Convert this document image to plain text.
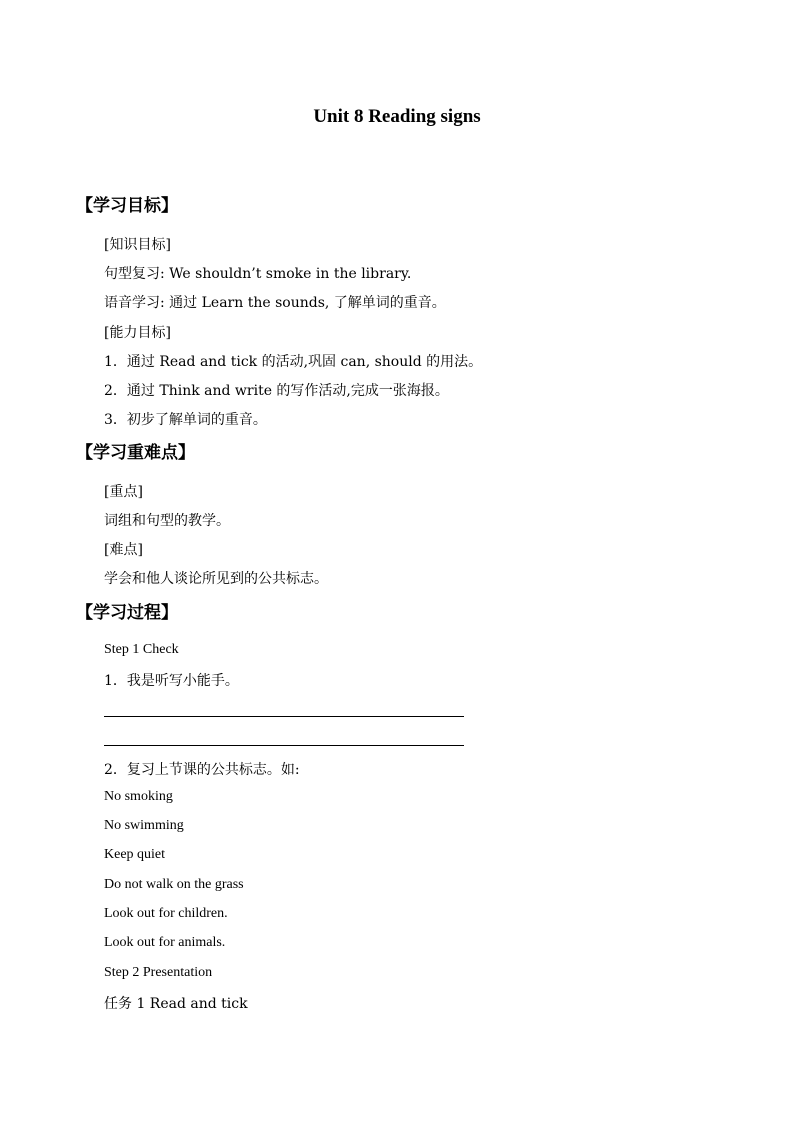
Unit 8 Reading signs
【学习目标】
[知识目标]
句型复习: We shouldn’t smoke in the library.
语音学习: 通过 Learn the sounds, 了解单词的重音。
[能力目标]
1．通过 Read and tick 的活动,巩固 can, should 的用法。
2．通过 Think and write 的写作活动,完成一张海报。
3．初步了解单词的重音。
【学习重难点】
[重点]
词组和句型的教学。
[难点]
学会和他人谈论所见到的公共标志。
【学习过程】
Step 1 Check
1．我是听写小能手。
2．复习上节课的公共标志。如:
No smoking
No swimming
Keep quiet
Do not walk on the grass
Look out for children.
Look out for animals.
Step 2 Presentation
任务 1 Read and tick
